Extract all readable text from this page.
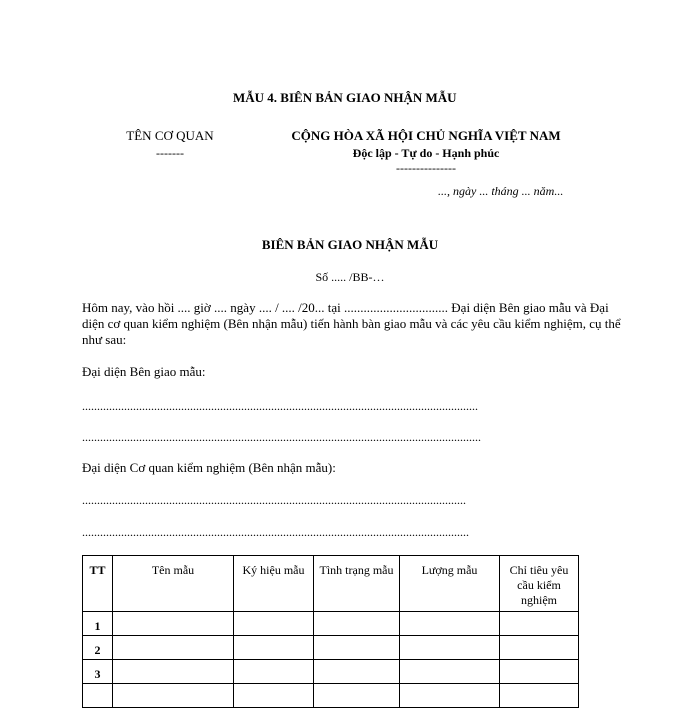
MẪU 4. BIÊN BẢN GIAO NHẬN MẪU
TÊN CƠ QUAN
-------
CỘNG HÒA XÃ HỘI CHỦ NGHĨA VIỆT NAM
Độc lập - Tự do - Hạnh phúc
---------------
..., ngày ... tháng ... năm...
BIÊN BẢN GIAO NHẬN MẪU
Số ..... /BB-…
Hôm nay, vào hồi .... giờ .... ngày .... / .... /20... tại ................................ Đại diện Bên giao mẫu và Đại diện cơ quan kiểm nghiệm (Bên nhận mẫu) tiến hành bàn giao mẫu và các yêu cầu kiểm nghiệm, cụ thể như sau:
Đại diện Bên giao mẫu:
....................................................................................................................................
.....................................................................................................................................
Đại diện Cơ quan kiểm nghiệm (Bên nhận mẫu):
................................................................................................................................
.................................................................................................................................
TT	Tên mẫu	Ký hiệu mẫu	Tình trạng mẫu	Lượng mẫu	Chỉ tiêu yêu cầu kiểm nghiệm
1					
2					
3					
